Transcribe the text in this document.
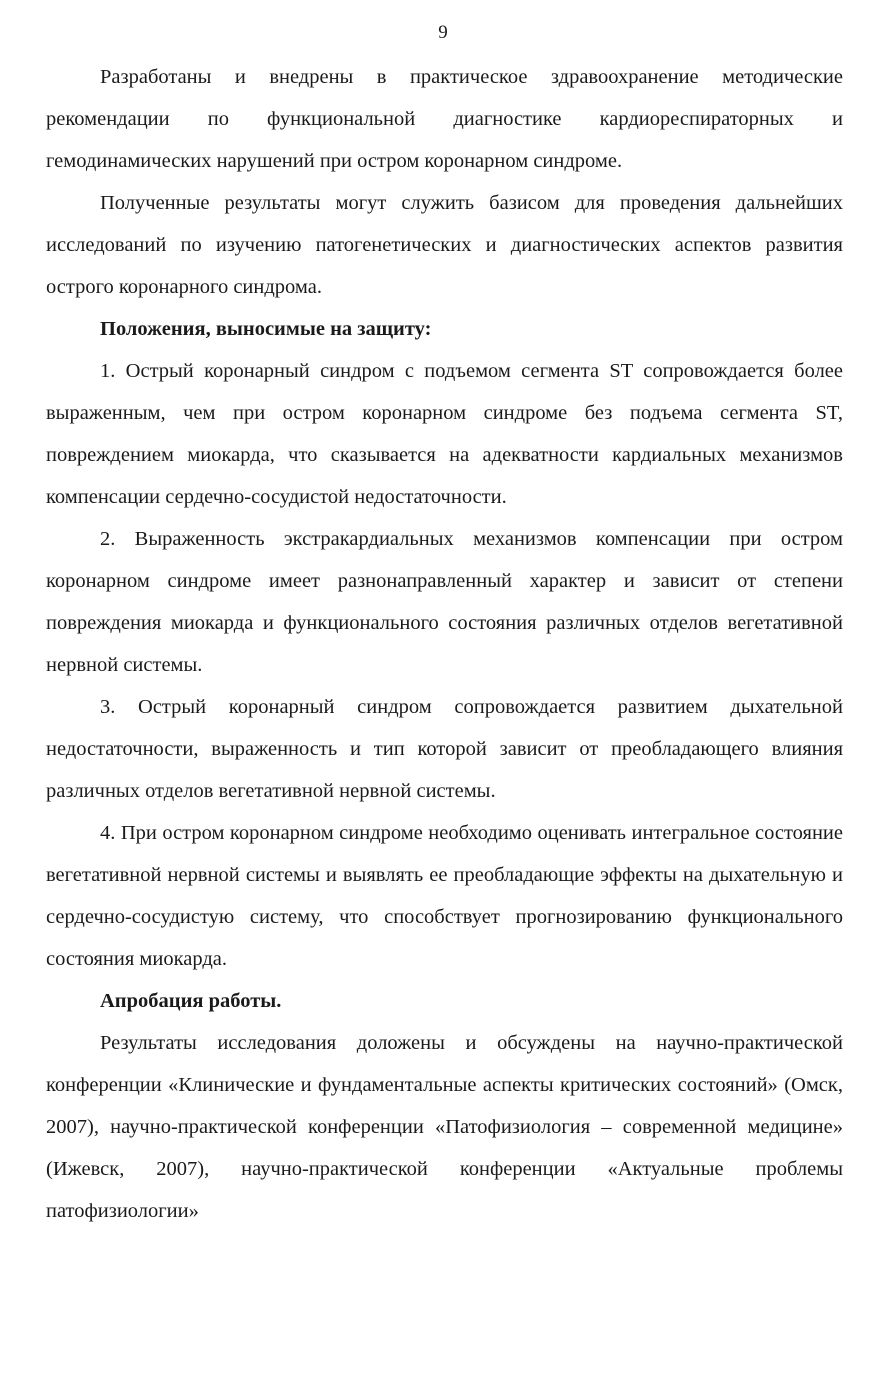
9

Разработаны и внедрены в практическое здравоохранение методические рекомендации по функциональной диагностике кардиореспираторных и гемодинамических нарушений при остром коронарном синдроме.

Полученные результаты могут служить базисом для проведения дальнейших исследований по изучению патогенетических и диагностических аспектов развития острого коронарного синдрома.

Положения, выносимые на защиту:

1. Острый коронарный синдром с подъемом сегмента ST сопровождается более выраженным, чем при остром коронарном синдроме без подъема сегмента ST, повреждением миокарда, что сказывается на адекватности кардиальных механизмов компенсации сердечно-сосудистой недостаточности.

2. Выраженность экстракардиальных механизмов компенсации при остром коронарном синдроме имеет разнонаправленный характер и зависит от степени повреждения миокарда и функционального состояния различных отделов вегетативной нервной системы.

3. Острый коронарный синдром сопровождается развитием дыхательной недостаточности, выраженность и тип которой зависит от преобладающего влияния различных отделов вегетативной нервной системы.

4. При остром коронарном синдроме необходимо оценивать интегральное состояние вегетативной нервной системы и выявлять ее преобладающие эффекты на дыхательную и сердечно-сосудистую систему, что способствует прогнозированию функционального состояния миокарда.

Апробация работы.

Результаты исследования доложены и обсуждены на научно-практической конференции «Клинические и фундаментальные аспекты критических состояний» (Омск, 2007), научно-практической конференции «Патофизиология – современной медицине» (Ижевск, 2007), научно-практической конференции «Актуальные проблемы патофизиологии»
